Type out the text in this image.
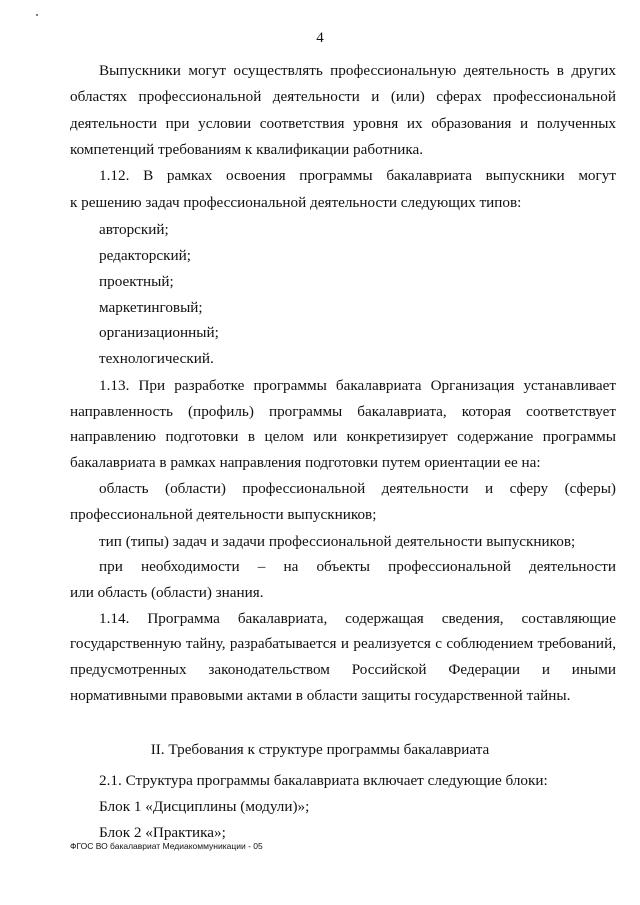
4
Выпускники могут осуществлять профессиональную деятельность в других
областях профессиональной деятельности и (или) сферах профессиональной
деятельности при условии соответствия уровня их образования и полученных
компетенций требованиям к квалификации работника.
1.12. В рамках освоения программы бакалавриата выпускники могут
к решению задач профессиональной деятельности следующих типов:
авторский;
редакторский;
проектный;
маркетинговый;
организационный;
технологический.
1.13. При разработке программы бакалавриата Организация устанавливает
направленность (профиль) программы бакалавриата, которая соответствует
направлению подготовки в целом или конкретизирует содержание программы
бакалавриата в рамках направления подготовки путем ориентации ее на:
область (области) профессиональной деятельности и сферу (сферы)
профессиональной деятельности выпускников;
тип (типы) задач и задачи профессиональной деятельности выпускников;
при необходимости – на объекты профессиональной деятельности
или область (области) знания.
1.14. Программа бакалавриата, содержащая сведения, составляющие
государственную тайну, разрабатывается и реализуется с соблюдением требований,
предусмотренных законодательством Российской Федерации и иными
нормативными правовыми актами в области защиты государственной тайны.
II. Требования к структуре программы бакалавриата
2.1. Структура программы бакалавриата включает следующие блоки:
Блок 1 «Дисциплины (модули)»;
Блок 2 «Практика»;
ФГОС ВО бакалавриат Медиакоммуникации - 05
